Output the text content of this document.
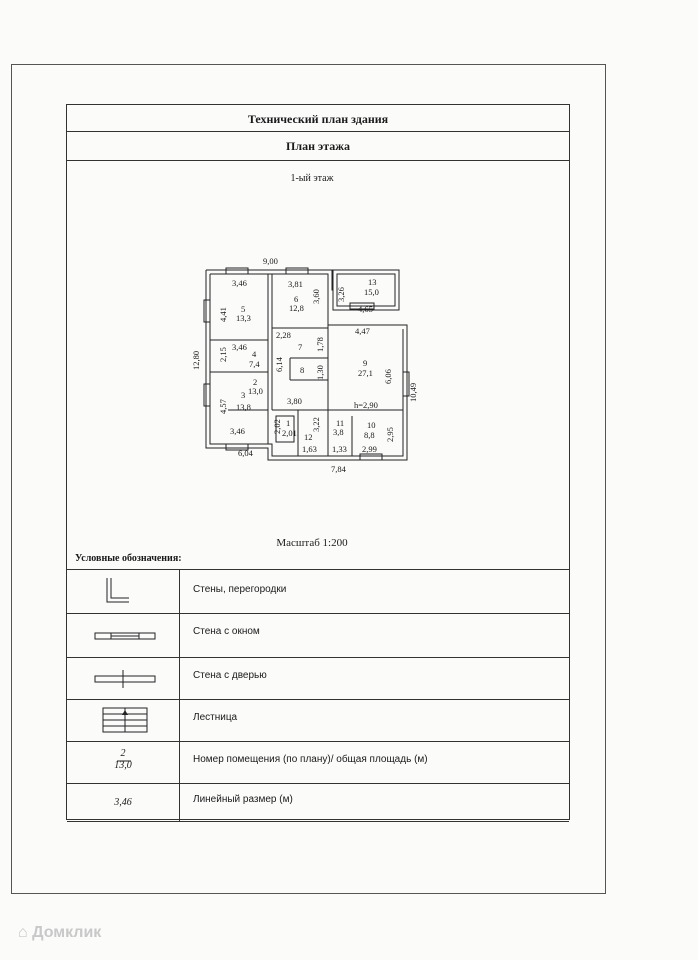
Технический план здания
План этажа
1-ый этаж
Масштаб 1:200
Условные обозначения:
Стены, перегородки
Стена с окном
Стена с дверью
Лестница
2
13,0
Номер помещения (по плану)/ общая площадь (м)
3,46	Линейный размер (м)
9,00
12,80
10,49
6,04
7,84
h=2,90
3,46
4,41 5
13,3
3,81
3,60
6
12,8
3,26
13
15,0
4,65
2,15
3,46
4
7,4
2,28
1,78
7
1,30
8
4,47
9
27,1 6,06
6,14
2
13,0
3,80
4,57
3
13,8
3,46	2,02 1
2,01
3,22
12
1,63
11
3,8
1,33
10
8,8
2,99
2,95
⌂ Домклик
